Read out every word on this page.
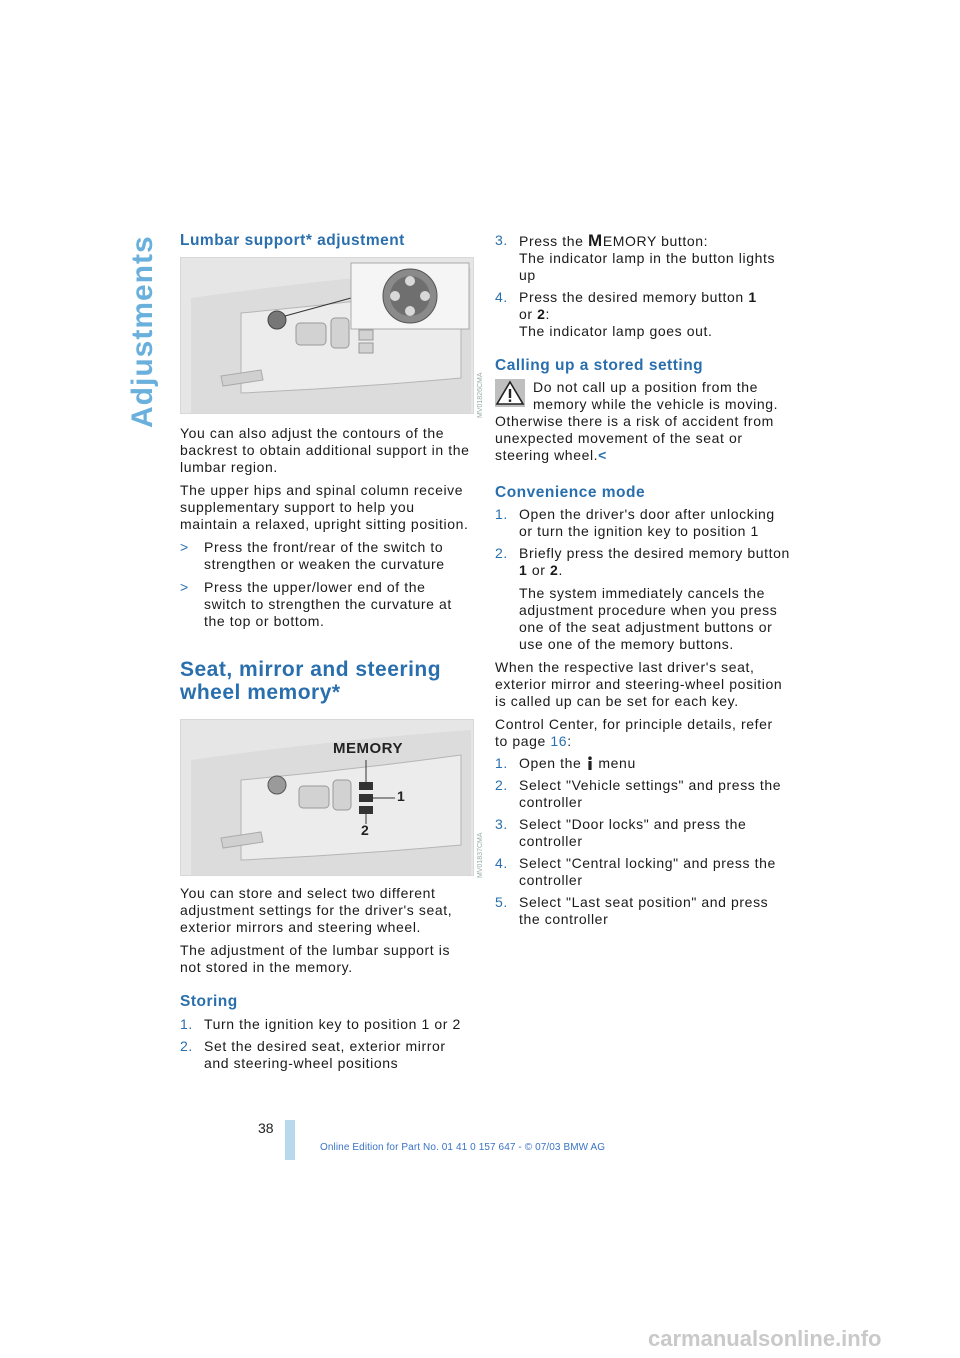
Adjustments Lumbar support* adjustment
MV01826CMA

You can also adjust the contours of the backrest to obtain additional support in the lumbar region.

The upper hips and spinal column receive supplementary support to help you maintain a relaxed, upright sitting position.

> Press the front/rear of the switch to strengthen or weaken the curvature
> Press the upper/lower end of the switch to strengthen the curvature at the top or bottom.
Seat, mirror and steering
wheel memory*
MEMORY
1
2
MV01837CMA

You can store and select two different adjustment settings for the driver's seat, exterior mirrors and steering wheel.

The adjustment of the lumbar support is not stored in the memory.

Storing
1. Turn the ignition key to position 1 or 2
2. Set the desired seat, exterior mirror and steering-wheel positions
3. Press the MEMORY button:
The indicator lamp in the button lights up
4. Press the desired memory button 1
or 2:
The indicator lamp goes out.
Calling up a stored setting
Do not call up a position from the memory while the vehicle is moving. Otherwise there is a risk of accident from unexpected movement of the seat or steering wheel.<
Convenience mode
1. Open the driver's door after unlocking or turn the ignition key to position 1
2. Briefly press the desired memory button 1 or 2.

The system immediately cancels the adjustment procedure when you press one of the seat adjustment buttons or use one of the memory buttons.

When the respective last driver's seat, exterior mirror and steering-wheel position is called up can be set for each key.

Control Center, for principle details, refer to page 16:

1. Open the menu
2. Select "Vehicle settings" and press the controller
3. Select "Door locks" and press the controller
4. Select "Central locking" and press the controller
5. Select "Last seat position" and press the controller
38
Online Edition for Part No. 01 41 0 157 647 - © 07/03 BMW AG
carmanualsonline.info
